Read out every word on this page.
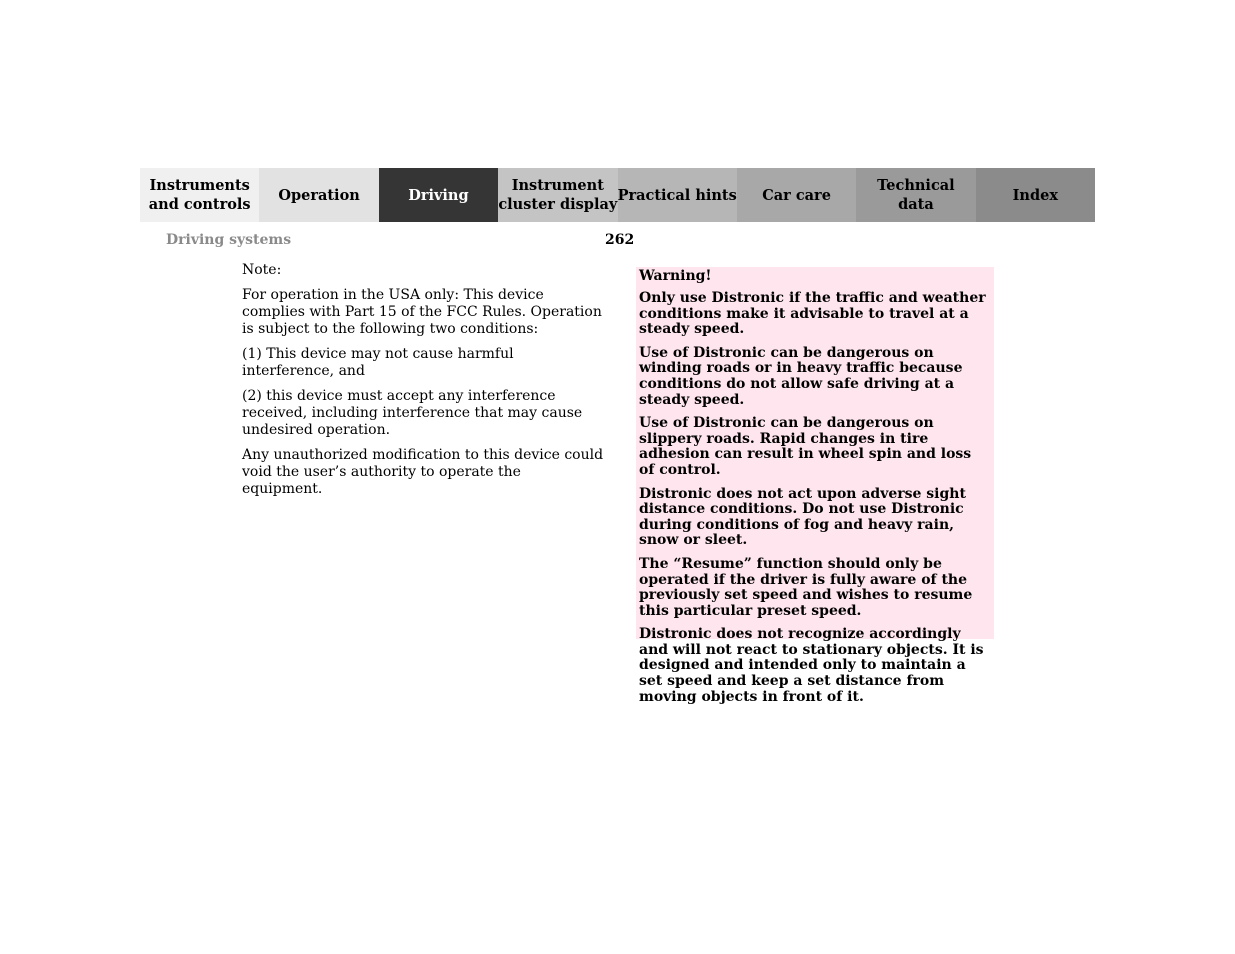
Instruments
and controls
Operation	Driving
Instrument
cluster display
Practical hints	Car care
Technical
data
Index
Driving systems	262

Note:

For operation in the USA only: This device complies with Part 15 of the FCC Rules. Operation is subject to the following two conditions:

(1) This device may not cause harmful interference, and

(2) this device must accept any interference received, including interference that may cause undesired operation.

Any unauthorized modification to this device could void the user’s authority to operate the equipment.

Warning!

Only use Distronic if the traffic and weather conditions make it advisable to travel at a steady speed.

Use of Distronic can be dangerous on winding roads or in heavy traffic because conditions do not allow safe driving at a steady speed.

Use of Distronic can be dangerous on slippery roads. Rapid changes in tire adhesion can result in wheel spin and loss of control.

Distronic does not act upon adverse sight distance conditions. Do not use Distronic during conditions of fog and heavy rain, snow or sleet.

The “Resume” function should only be operated if the driver is fully aware of the previously set speed and wishes to resume this particular preset speed.

Distronic does not recognize accordingly and will not react to stationary objects. It is designed and intended only to maintain a set speed and keep a set distance from moving objects in front of it.
